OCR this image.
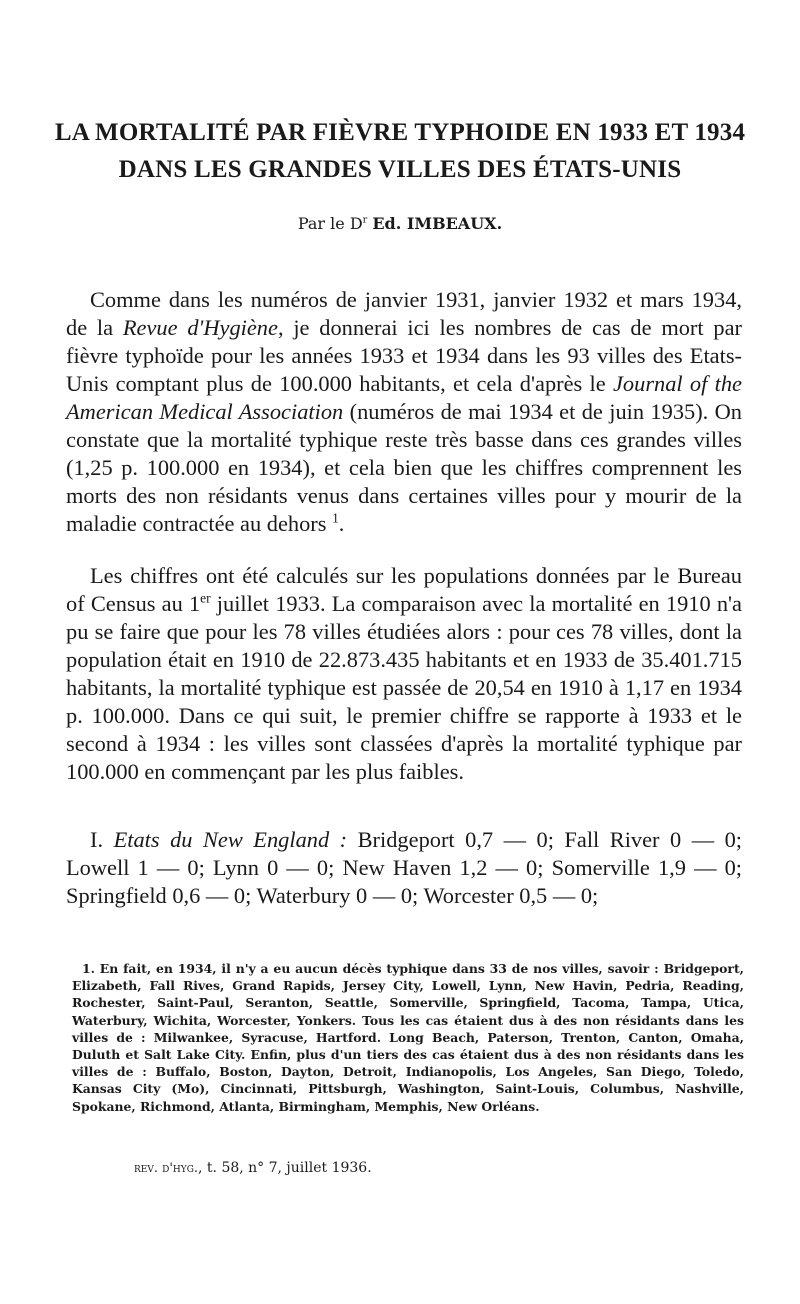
LA MORTALITÉ PAR FIÈVRE TYPHOIDE EN 1933 ET 1934
DANS LES GRANDES VILLES DES ÉTATS-UNIS

Par le $D^r$ Ed. IMBEAUX.

Comme dans les numéros de janvier 1931, janvier 1932 et mars 1934, de la Revue d'Hygiène, je donnerai ici les nombres de cas de mort par fièvre typhoïde pour les années 1933 et 1934 dans les 93 villes des Etats-Unis comptant plus de 100.000 habitants, et cela d'après le Journal of the American Medical Association (numéros de mai 1934 et de juin 1935). On constate que la mortalité typhique reste très basse dans ces grandes villes (1,25 p. 100.000 en 1934), et cela bien que les chiffres comprennent les morts des non résidants venus dans certaines villes pour y mourir de la maladie contractée au dehors $^1$.

Les chiffres ont été calculés sur les populations données par le Bureau of Census au 1er juillet 1933. La comparaison avec la mortalité en 1910 n'a pu se faire que pour les 78 villes étudiées alors : pour ces 78 villes, dont la population était en 1910 de 22.873.435 habitants et en 1933 de 35.401.715 habitants, la mortalité typhique est passée de 20,54 en 1910 à 1,17 en 1934 p. 100.000. Dans ce qui suit, le premier chiffre se rapporte à 1933 et le second à 1934 : les villes sont classées d'après la mortalité typhique par 100.000 en commençant par les plus faibles.

I. Etats du New England : Bridgeport 0,7 — 0; Fall River 0 — 0; Lowell 1 — 0; Lynn 0 — 0; New Haven 1,2 — 0; Somerville 1,9 — 0; Springfield 0,6 — 0; Waterbury 0 — 0; Worcester 0,5 — 0;

1. En fait, en 1934, il n'y a eu aucun décès typhique dans 33 de nos villes, savoir : Bridgeport, Elizabeth, Fall Rives, Grand Rapids, Jersey City, Lowell, Lynn, New Havin, Pedria, Reading, Rochester, Saint-Paul, Seranton, Seattle, Somerville, Springfield, Tacoma, Tampa, Utica, Waterbury, Wichita, Worcester, Yonkers. Tous les cas étaient dus à des non résidants dans les villes de : Milwankee, Syracuse, Hartford. Long Beach, Paterson, Trenton, Canton, Omaha, Duluth et Salt Lake City. Enfin, plus d'un tiers des cas étaient dus à des non résidants dans les villes de : Buffalo, Boston, Dayton, Detroit, Indianopolis, Los Angeles, San Diego, Toledo, Kansas City (Mo), Cincinnati, Pittsburgh, Washington, Saint-Louis, Columbus, Nashville, Spokane, Richmond, Atlanta, Birmingham, Memphis, New Orléans.

rev. d'hyg., t. 58, n° 7, juillet 1936.
